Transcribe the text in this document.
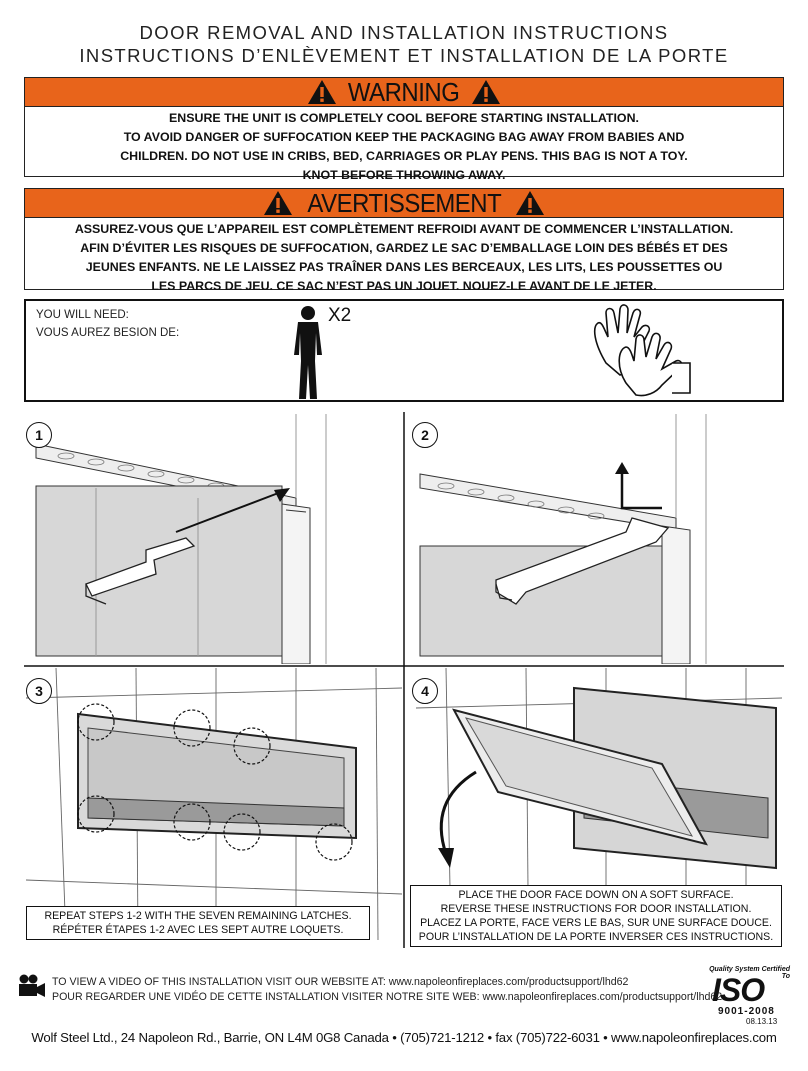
DOOR REMOVAL AND INSTALLATION INSTRUCTIONS
INSTRUCTIONS D’ENLÈVEMENT ET INSTALLATION DE LA PORTE
WARNING
ENSURE THE UNIT IS COMPLETELY COOL BEFORE STARTING INSTALLATION.
TO AVOID DANGER OF SUFFOCATION KEEP THE PACKAGING BAG AWAY FROM BABIES AND
CHILDREN. DO NOT USE IN CRIBS, BED, CARRIAGES OR PLAY PENS. THIS BAG IS NOT A TOY.
KNOT BEFORE THROWING AWAY.
AVERTISSEMENT
ASSUREZ-VOUS QUE L’APPAREIL EST COMPLÈTEMENT REFROIDI AVANT DE COMMENCER L’INSTALLATION.
AFIN D’ÉVITER LES RISQUES DE SUFFOCATION, GARDEZ LE SAC D’EMBALLAGE LOIN DES BÉBÉS ET DES
JEUNES ENFANTS. NE LE LAISSEZ PAS TRAÎNER DANS LES BERCEAUX, LES LITS, LES POUSSETTES OU
LES PARCS DE JEU. CE SAC N’EST PAS UN JOUET. NOUEZ-LE AVANT DE LE JETER.
YOU WILL NEED:
VOUS AUREZ BESION DE:
X2
1	2
3
REPEAT STEPS 1-2 WITH THE SEVEN REMAINING LATCHES.
RÉPÉTER ÉTAPES 1-2 AVEC LES SEPT AUTRE LOQUETS.
4
PLACE THE DOOR FACE DOWN ON A SOFT SURFACE.
REVERSE THESE INSTRUCTIONS FOR DOOR INSTALLATION.
PLACEZ LA PORTE, FACE VERS LE BAS, SUR UNE SURFACE DOUCE.
POUR L’INSTALLATION DE LA PORTE INVERSER CES INSTRUCTIONS.
TO VIEW A VIDEO OF THIS INSTALLATION VISIT OUR WEBSITE AT: www.napoleonfireplaces.com/productsupport/lhd62
POUR REGARDER UNE VIDÉO DE CETTE INSTALLATION VISITER NOTRE SITE WEB: www.napoleonfireplaces.com/productsupport/lhd62
Quality System Certified To
ISO
9001-2008
08.13.13
Wolf Steel Ltd., 24 Napoleon Rd., Barrie, ON L4M 0G8 Canada • (705)721-1212 • fax (705)722-6031 • www.napoleonfireplaces.com
